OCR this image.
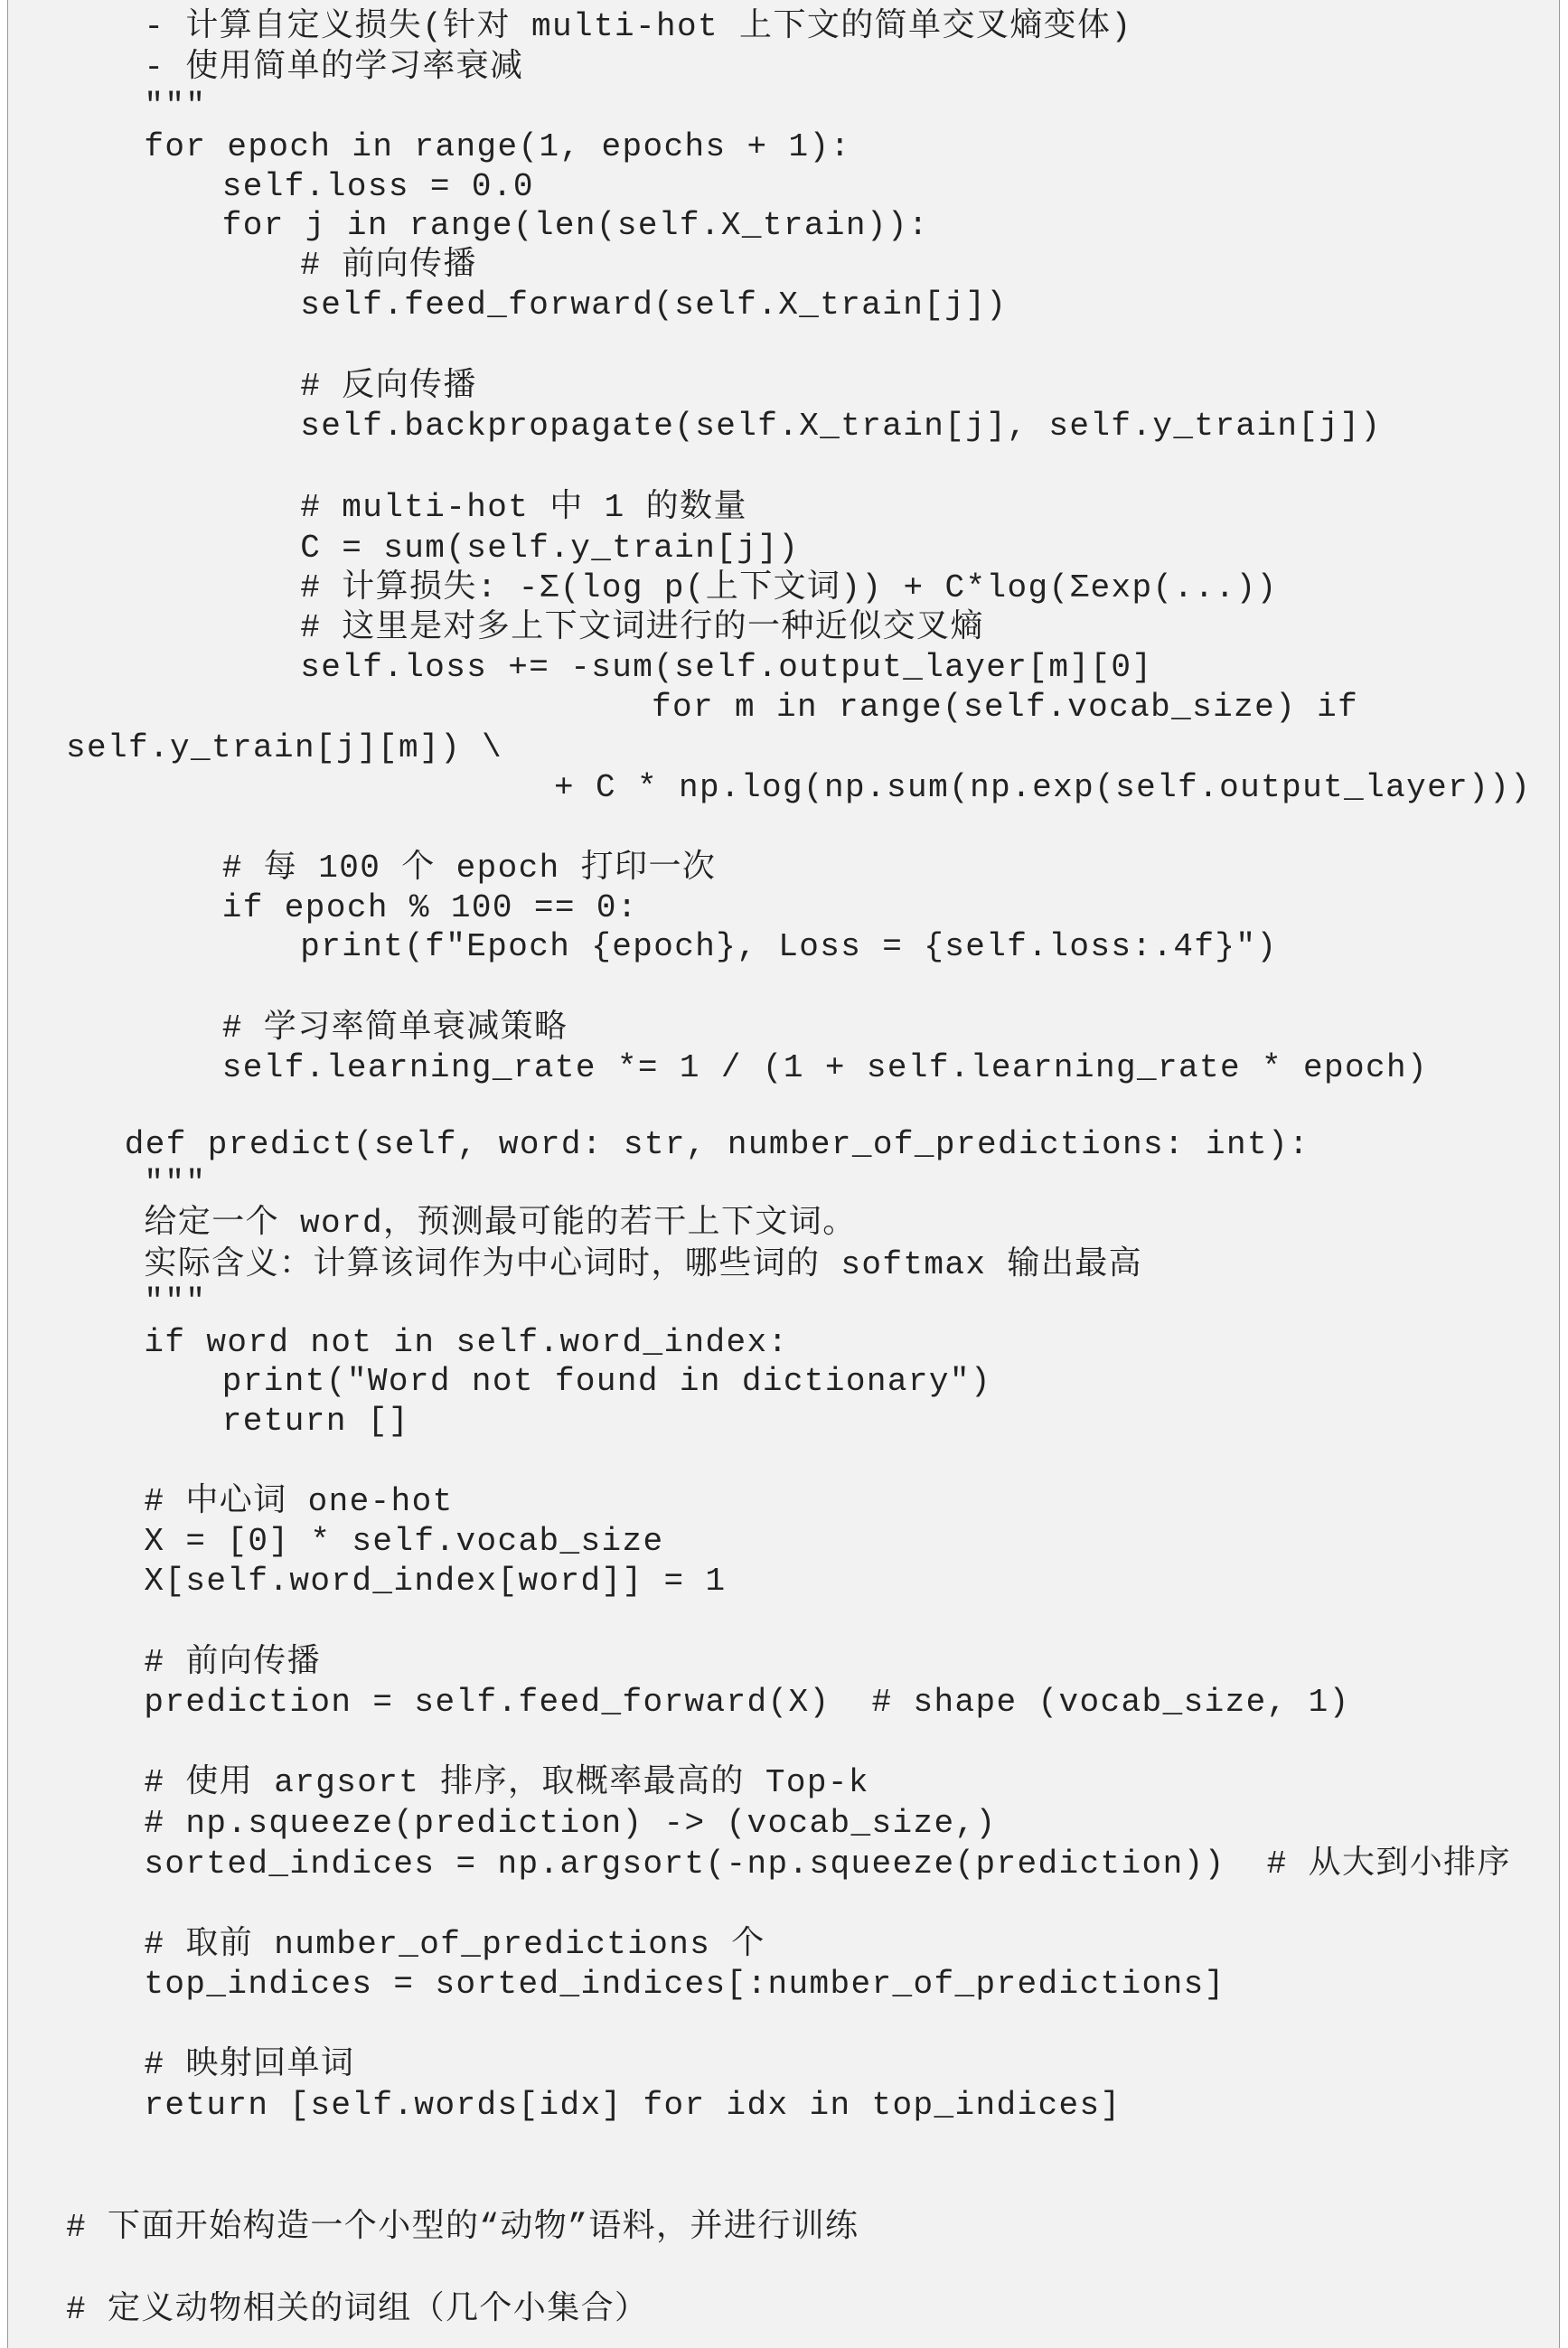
- 计算自定义损失(针对 multi-hot 上下文的简单交叉熵变体)
- 使用简单的学习率衰减
"""
for epoch in range(1, epochs + 1):
self.loss = 0.0
for j in range(len(self.X_train)):
# 前向传播
self.feed_forward(self.X_train[j])
# 反向传播
self.backpropagate(self.X_train[j], self.y_train[j])
# multi-hot 中 1 的数量
C = sum(self.y_train[j])
# 计算损失: -Σ(log p(上下文词)) + C*log(Σexp(...))
# 这里是对多上下文词进行的一种近似交叉熵
self.loss += -sum(self.output_layer[m][0]
for m in range(self.vocab_size) if
self.y_train[j][m]) \
+ C * np.log(np.sum(np.exp(self.output_layer)))
# 每 100 个 epoch 打印一次
if epoch % 100 == 0:
print(f"Epoch {epoch}, Loss = {self.loss:.4f}")
# 学习率简单衰减策略
self.learning_rate *= 1 / (1 + self.learning_rate * epoch)
def predict(self, word: str, number_of_predictions: int):
"""
给定一个 word，预测最可能的若干上下文词。
实际含义：计算该词作为中心词时，哪些词的 softmax 输出最高
"""
if word not in self.word_index:
print("Word not found in dictionary")
return []
# 中心词 one-hot
X = [0] * self.vocab_size
X[self.word_index[word]] = 1
# 前向传播
prediction = self.feed_forward(X)  # shape (vocab_size, 1)
# 使用 argsort 排序，取概率最高的 Top-k
# np.squeeze(prediction) -> (vocab_size,)
sorted_indices = np.argsort(-np.squeeze(prediction))  # 从大到小排序
# 取前 number_of_predictions 个
top_indices = sorted_indices[:number_of_predictions]
# 映射回单词
return [self.words[idx] for idx in top_indices]
# 下面开始构造一个小型的“动物”语料，并进行训练
# 定义动物相关的词组（几个小集合）
